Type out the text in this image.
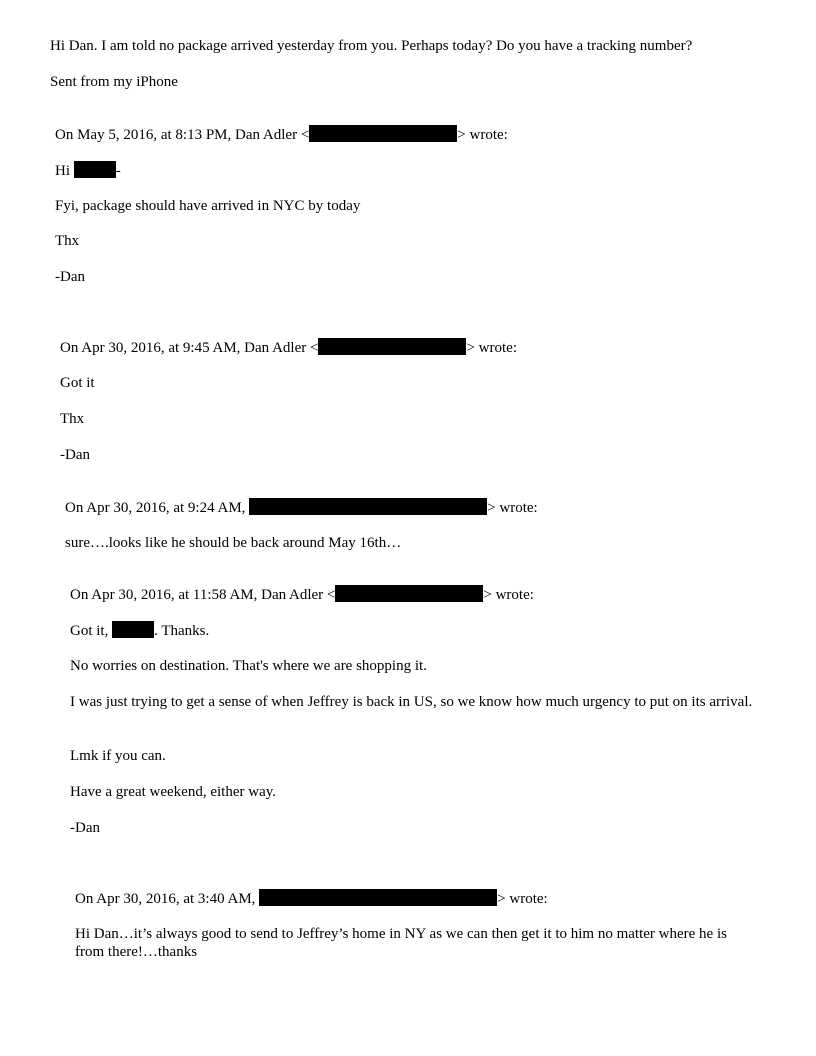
Hi Dan. I am told no package arrived yesterday from you. Perhaps today? Do you have a tracking number?
Sent from my iPhone
On May 5, 2016, at 8:13 PM, Dan Adler <	> wrote:
Hi	-
Fyi, package should have arrived in NYC by today
Thx
-Dan
On Apr 30, 2016, at 9:45 AM, Dan Adler <	> wrote:
Got it
Thx
-Dan
On Apr 30, 2016, at 9:24 AM,	> wrote:
sure….looks like he should be back around May 16th…
On Apr 30, 2016, at 11:58 AM, Dan Adler <	> wrote:
Got it,	. Thanks.
No worries on destination. That's where we are shopping it.
I was just trying to get a sense of when Jeffrey is back in US, so we know how much urgency to put on its arrival.
Lmk if you can.
Have a great weekend, either way.
-Dan
On Apr 30, 2016, at 3:40 AM,	> wrote:
Hi Dan…it’s always good to send to Jeffrey’s home in NY as we can then get it to him no matter where he is from there!…thanks
